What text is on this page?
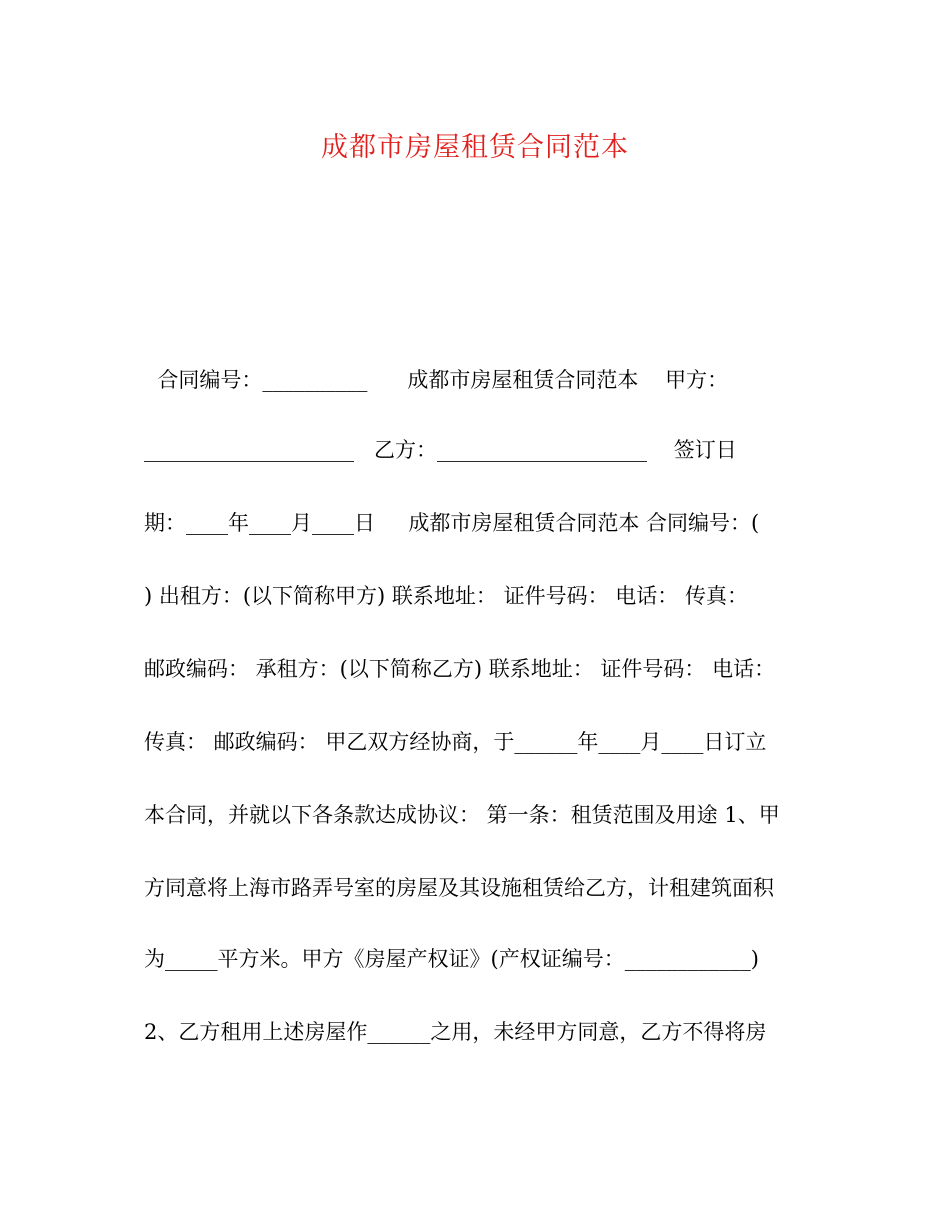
成都市房屋租赁合同范本
合同编号：__________      成都市房屋租赁合同范本    甲方：
____________________   乙方：____________________    签订日
期：____年____月____日     成都市房屋租赁合同范本 合同编号：(
) 出租方：(以下简称甲方) 联系地址： 证件号码： 电话： 传真：
邮政编码： 承租方：(以下简称乙方) 联系地址： 证件号码： 电话：
传真： 邮政编码： 甲乙双方经协商，于______年____月____日订立
本合同，并就以下各条款达成协议： 第一条：租赁范围及用途 1、甲
方同意将上海市路弄号室的房屋及其设施租赁给乙方，计租建筑面积
为_____平方米。甲方《房屋产权证》(产权证编号：____________)
2、乙方租用上述房屋作______之用，未经甲方同意，乙方不得将房
